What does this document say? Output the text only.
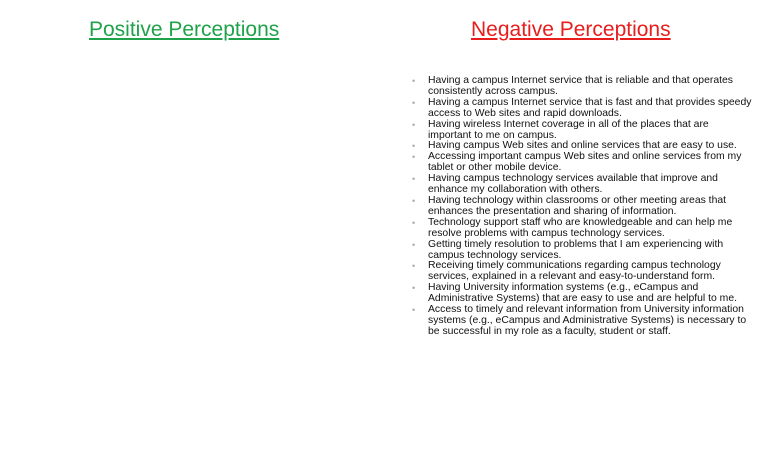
Positive Perceptions	Negative Perceptions
• Having a campus Internet service that is reliable and that operates consistently across campus.
• Having a campus Internet service that is fast and that provides speedy access to Web sites and rapid downloads.
• Having wireless Internet coverage in all of the places that are important to me on campus.
• Having campus Web sites and online services that are easy to use.
• Accessing important campus Web sites and online services from my tablet or other mobile device.
• Having campus technology services available that improve and enhance my collaboration with others.
• Having technology within classrooms or other meeting areas that enhances the presentation and sharing of information.
• Technology support staff who are knowledgeable and can help me resolve problems with campus technology services.
• Getting timely resolution to problems that I am experiencing with campus technology services.
• Receiving timely communications regarding campus technology services, explained in a relevant and easy-to-understand form.
• Having University information systems (e.g., eCampus and Administrative Systems) that are easy to use and are helpful to me.
• Access to timely and relevant information from University information systems (e.g., eCampus and Administrative Systems) is necessary to be successful in my role as a faculty, student or staff.
